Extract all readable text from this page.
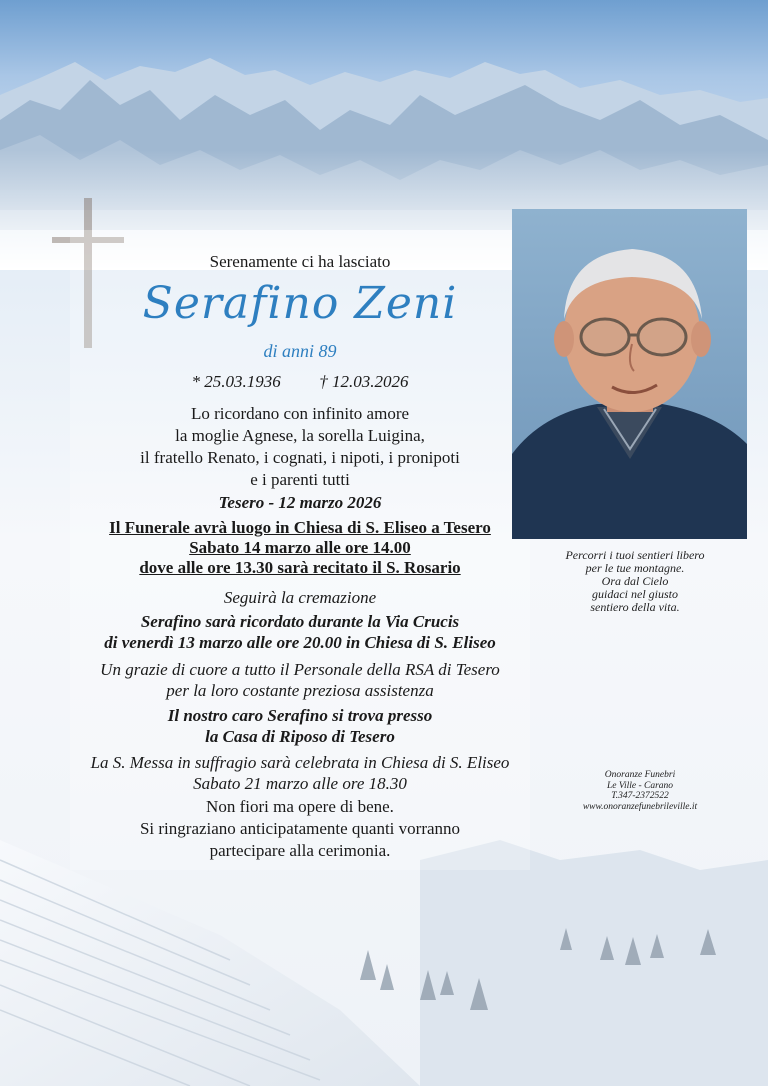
Serenamente ci ha lasciato
Serafino Zeni
di anni 89
* 25.03.1936 † 12.03.2026
Lo ricordano con infinito amore
la moglie Agnese, la sorella Luigina,
il fratello Renato, i cognati, i nipoti, i pronipoti
e i parenti tutti
Tesero - 12 marzo 2026
Il Funerale avrà luogo in Chiesa di S. Eliseo a Tesero
Sabato 14 marzo alle ore 14.00
dove alle ore 13.30 sarà recitato il S. Rosario
Seguirà la cremazione
Serafino sarà ricordato durante la Via Crucis
di venerdì 13 marzo alle ore 20.00 in Chiesa di S. Eliseo
Un grazie di cuore a tutto il Personale della RSA di Tesero
per la loro costante preziosa assistenza
Il nostro caro Serafino si trova presso
la Casa di Riposo di Tesero
La S. Messa in suffragio sarà celebrata in Chiesa di S. Eliseo
Sabato 21 marzo alle ore 18.30
Non fiori ma opere di bene.
Si ringraziano anticipatamente quanti vorranno
partecipare alla cerimonia.
Percorri i tuoi sentieri libero
per le tue montagne.
Ora dal Cielo
guidaci nel giusto
sentiero della vita.
Onoranze Funebri
Le Ville - Carano
T.347-2372522
www.onoranzefunebrileville.it
